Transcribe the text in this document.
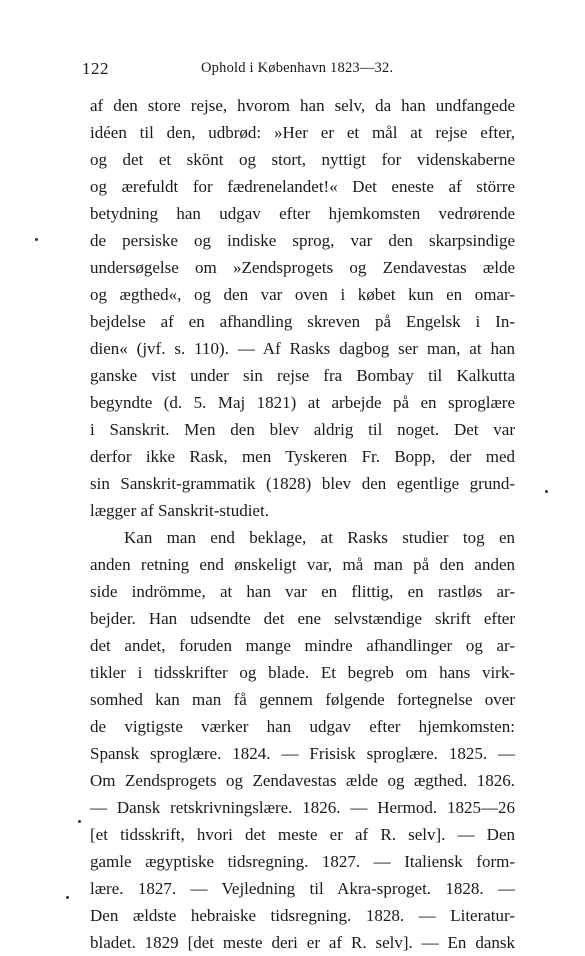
122	Ophold i København 1823—32.
af den store rejse, hvorom han selv, da han undfangede
idéen til den, udbrød: »Her er et mål at rejse efter,
og det et skönt og stort, nyttigt for videnskaberne
og ærefuldt for fædrenelandet!« Det eneste af större
betydning han udgav efter hjemkomsten vedrørende
de persiske og indiske sprog, var den skarpsindige
undersøgelse om »Zendsprogets og Zendavestas ælde
og ægthed«, og den var oven i købet kun en omar-
bejdelse af en afhandling skreven på Engelsk i In-
dien« (jvf. s. 110). — Af Rasks dagbog ser man, at han
ganske vist under sin rejse fra Bombay til Kalkutta
begyndte (d. 5. Maj 1821) at arbejde på en sproglære
i Sanskrit. Men den blev aldrig til noget. Det var
derfor ikke Rask, men Tyskeren Fr. Bopp, der med
sin Sanskrit-grammatik (1828) blev den egentlige grund-
lægger af Sanskrit-studiet.
Kan man end beklage, at Rasks studier tog en
anden retning end ønskeligt var, må man på den anden
side indrömme, at han var en flittig, en rastløs ar-
bejder. Han udsendte det ene selvstændige skrift efter
det andet, foruden mange mindre afhandlinger og ar-
tikler i tidsskrifter og blade. Et begreb om hans virk-
somhed kan man få gennem følgende fortegnelse over
de vigtigste værker han udgav efter hjemkomsten:
Spansk sproglære. 1824. — Frisisk sproglære. 1825. —
Om Zendsprogets og Zendavestas ælde og ægthed. 1826.
— Dansk retskrivningslære. 1826. — Hermod. 1825—26
[et tidsskrift, hvori det meste er af R. selv]. — Den
gamle ægyptiske tidsregning. 1827. — Italiensk form-
lære. 1827. — Vejledning til Akra-sproget. 1828. —
Den ældste hebraiske tidsregning. 1828. — Literatur-
bladet. 1829 [det meste deri er af R. selv]. — En dansk
